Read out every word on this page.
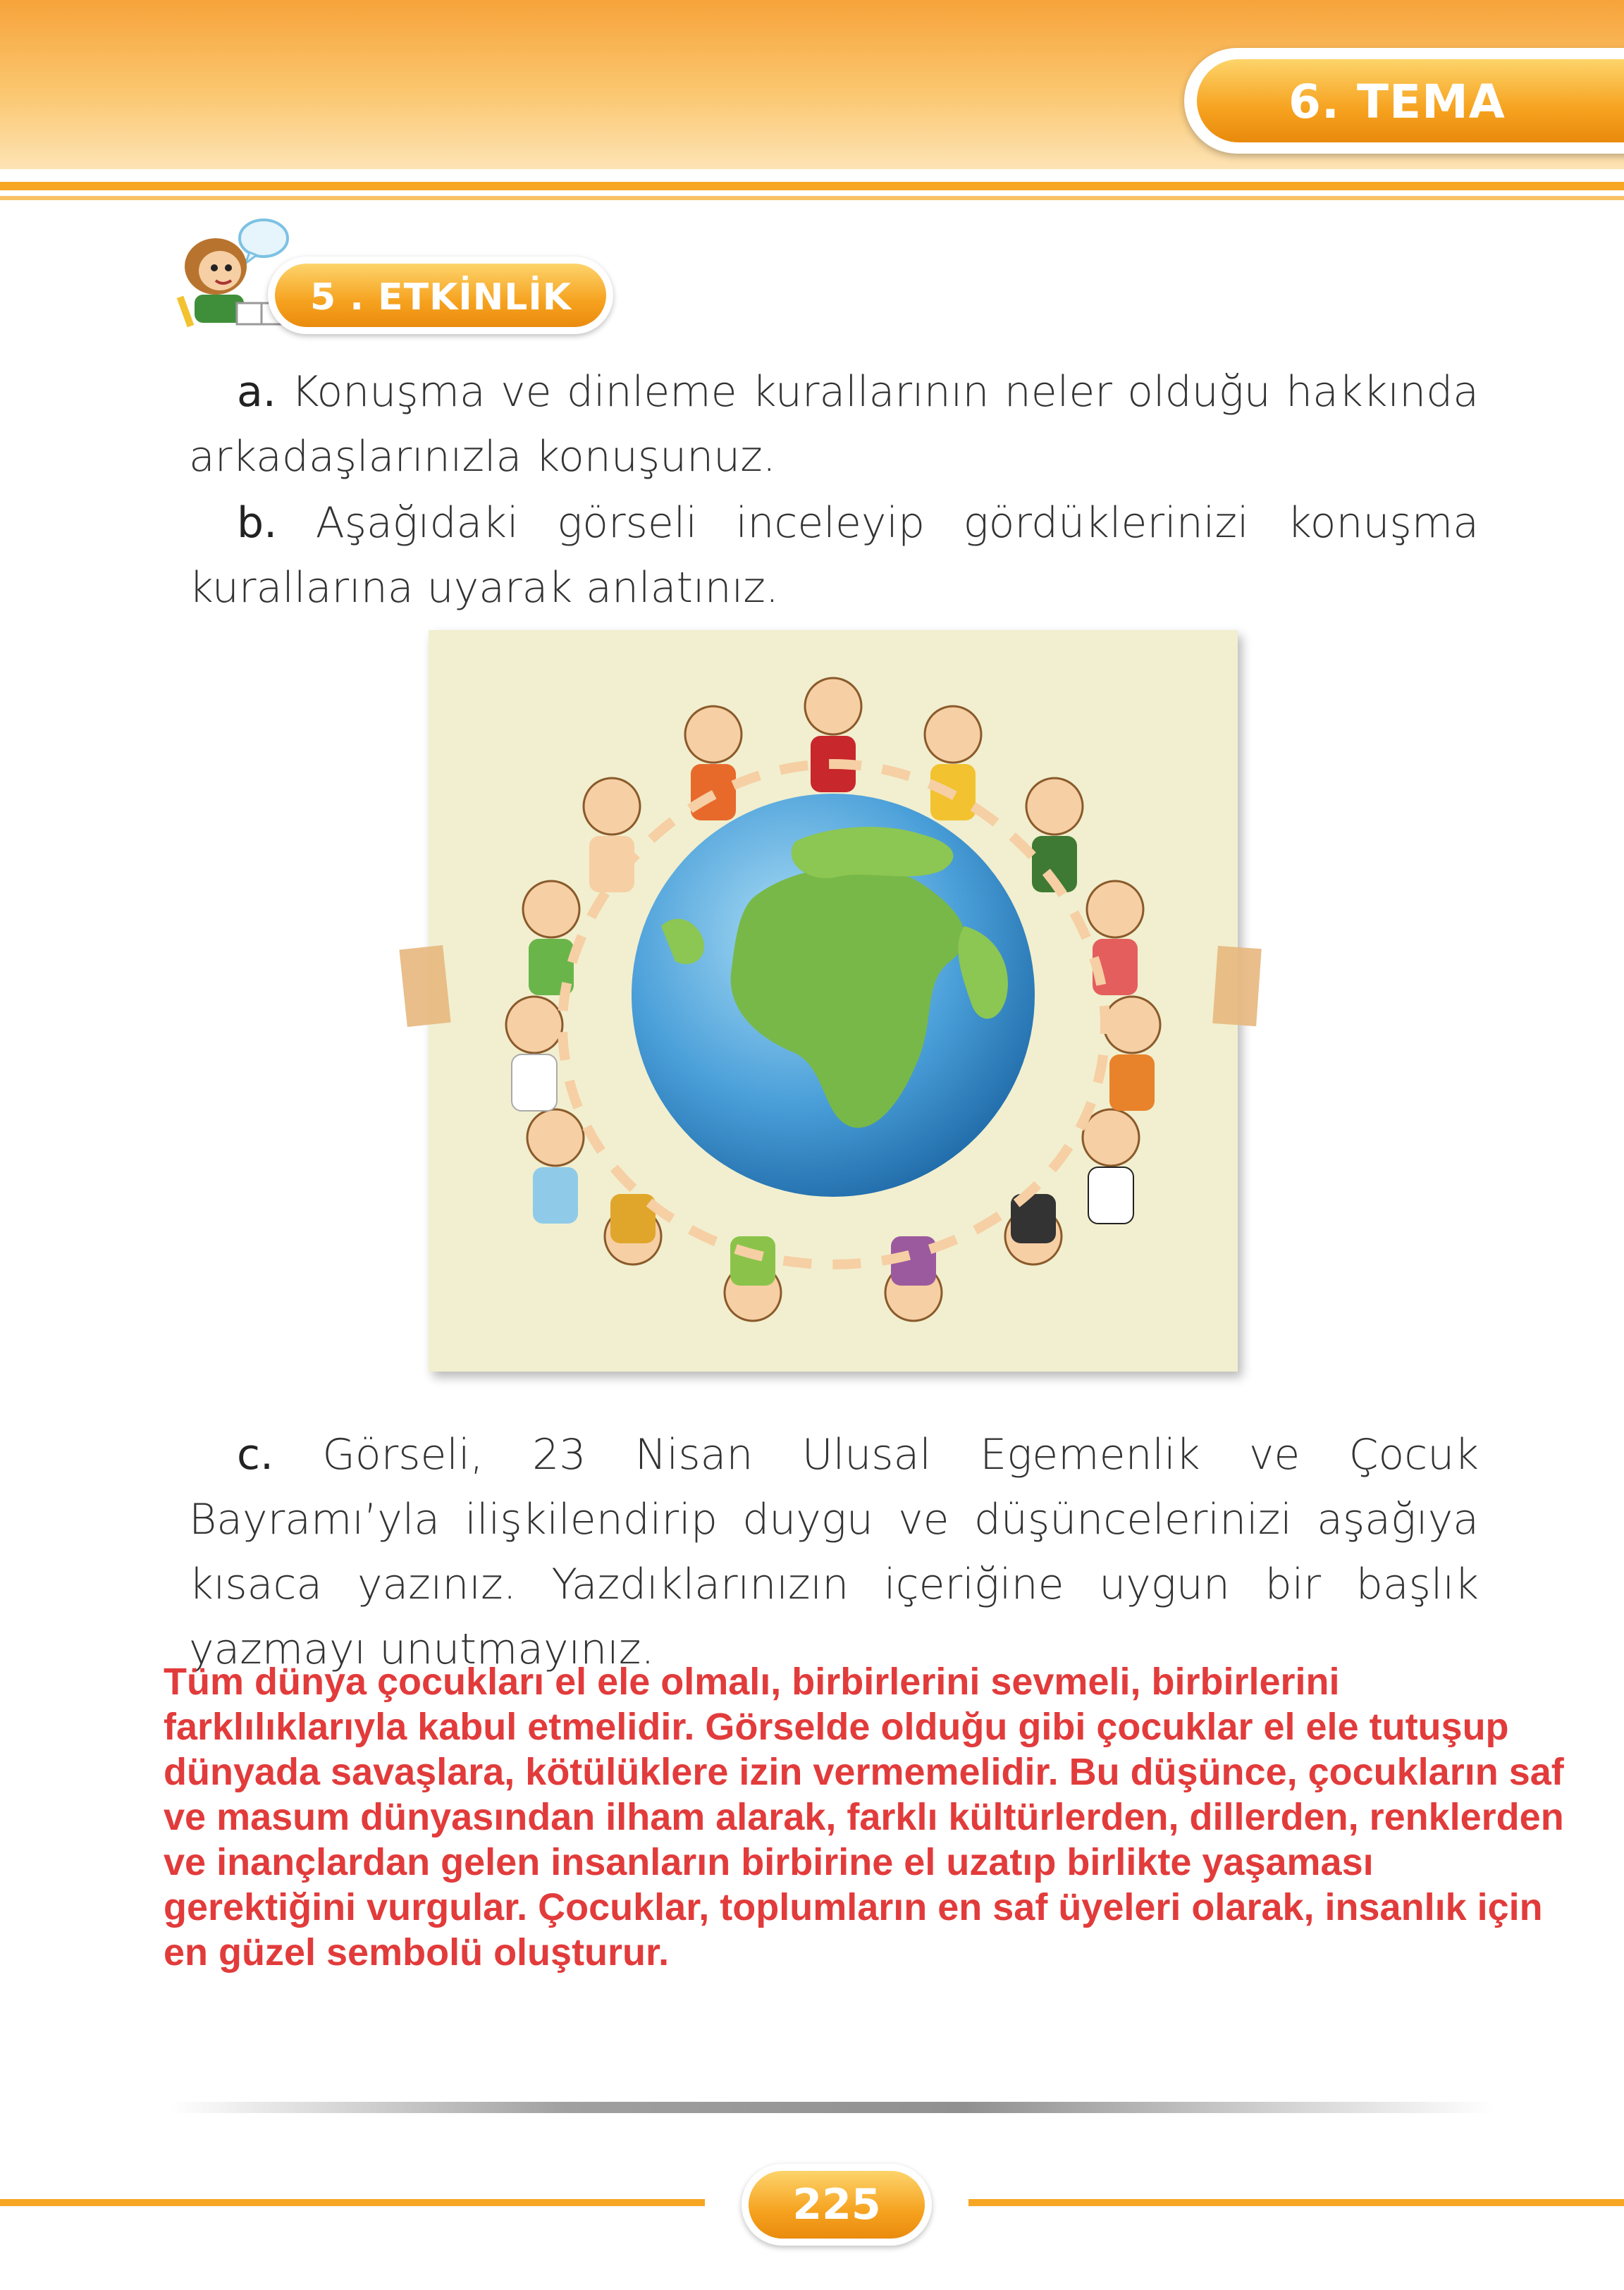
6. TEMA
5 . ETKİNLİK
a. Konuşma ve dinleme kurallarının neler olduğu hakkında arkadaşlarınızla konuşunuz.
b. Aşağıdaki görseli inceleyip gördüklerinizi konuşma kurallarına uyarak anlatınız.
c. Görseli, 23 Nisan Ulusal Egemenlik ve Çocuk Bayramı’yla ilişkilendirip duygu ve düşüncelerinizi aşağıya kısaca yazınız. Yazdıklarınızın içeriğine uygun bir başlık yazmayı unutmayınız.
Tüm dünya çocukları el ele olmalı, birbirlerini sevmeli, birbirlerini farklılıklarıyla kabul etmelidir. Görselde olduğu gibi çocuklar el ele tutuşup dünyada savaşlara, kötülüklere izin vermemelidir. Bu düşünce, çocukların saf ve masum dünyasından ilham alarak, farklı kültürlerden, dillerden, renklerden ve inançlardan gelen insanların birbirine el uzatıp birlikte yaşaması gerektiğini vurgular. Çocuklar, toplumların en saf üyeleri olarak, insanlık için en güzel sembolü oluşturur.
225
